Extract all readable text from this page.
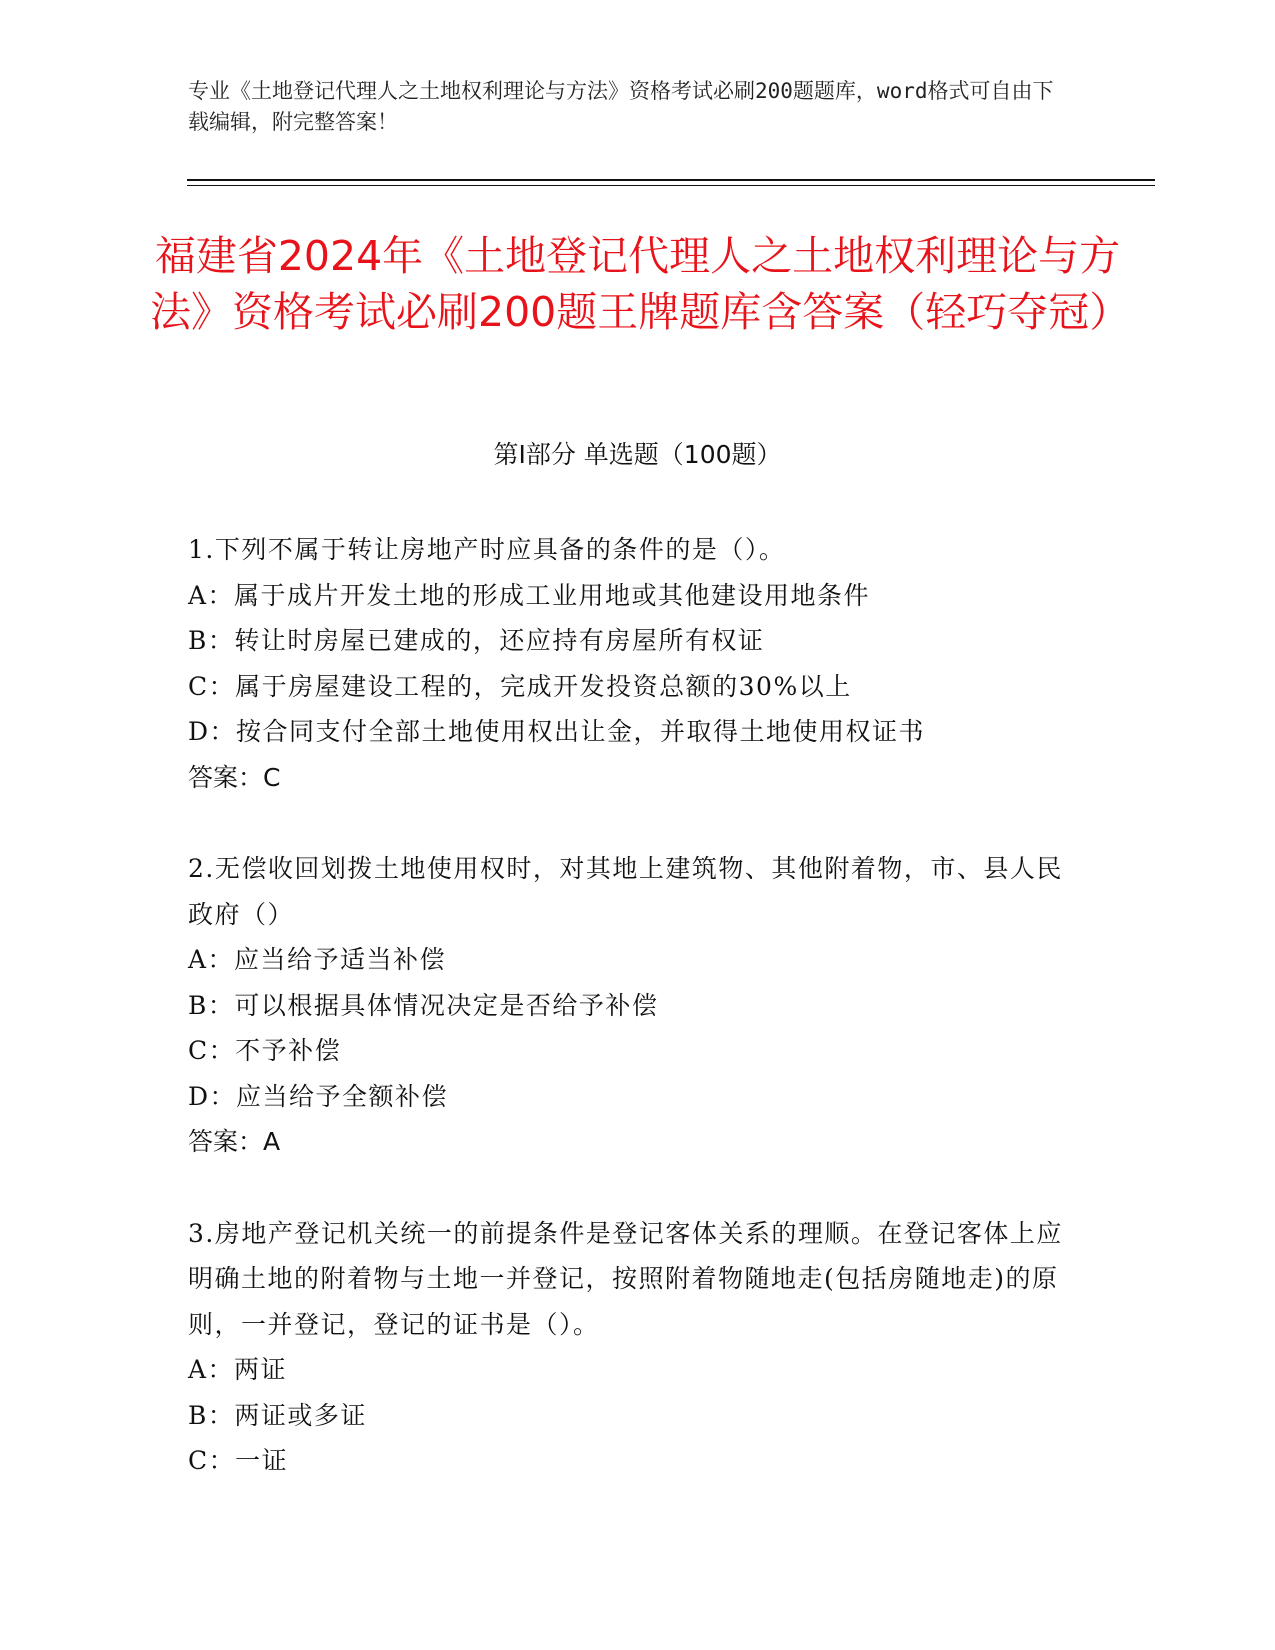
专业《土地登记代理人之土地权利理论与方法》资格考试必刷200题题库，word格式可自由下载编辑，附完整答案！
福建省2024年《土地登记代理人之土地权利理论与方法》资格考试必刷200题王牌题库含答案（轻巧夺冠）
第Ⅰ部分 单选题（100题）
1.下列不属于转让房地产时应具备的条件的是（）。
A：属于成片开发土地的形成工业用地或其他建设用地条件
B：转让时房屋已建成的，还应持有房屋所有权证
C：属于房屋建设工程的，完成开发投资总额的30%以上
D：按合同支付全部土地使用权出让金，并取得土地使用权证书
答案：C
2.无偿收回划拨土地使用权时，对其地上建筑物、其他附着物，市、县人民政府（）
A：应当给予适当补偿
B：可以根据具体情况决定是否给予补偿
C：不予补偿
D：应当给予全额补偿
答案：A
3.房地产登记机关统一的前提条件是登记客体关系的理顺。在登记客体上应明确土地的附着物与土地一并登记，按照附着物随地走(包括房随地走)的原则，一并登记，登记的证书是（）。
A：两证
B：两证或多证
C：一证
